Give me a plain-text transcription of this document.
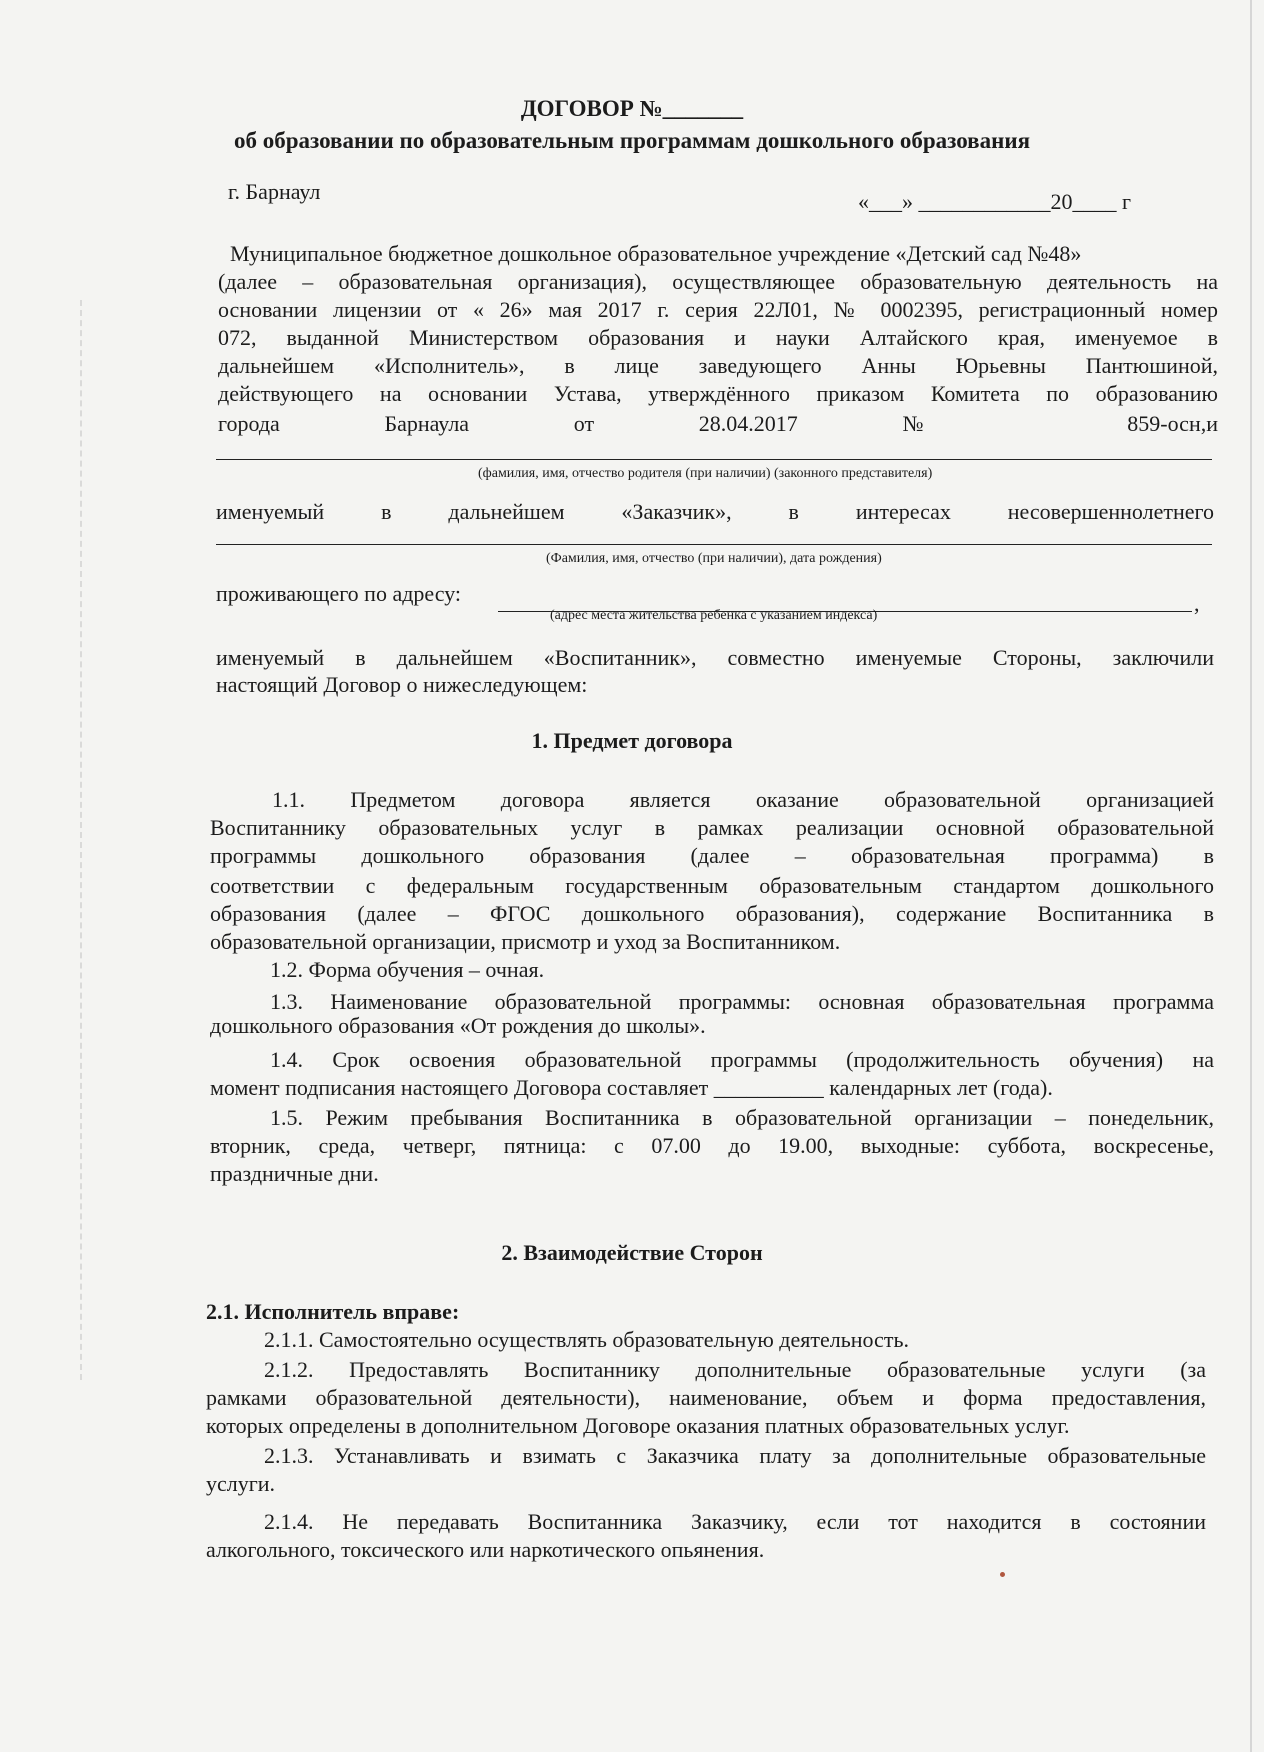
ДОГОВОР №_______
об образовании по образовательным программам дошкольного образования
г. Барнаул	«___» ____________20____ г
Муниципальное бюджетное дошкольное образовательное учреждение «Детский сад №48»
(далее – образовательная организация), осуществляющее образовательную деятельность на
основании лицензии от « 26» мая 2017 г. серия 22Л01, № 0002395, регистрационный номер
072, выданной Министерством образования и науки Алтайского края, именуемое в
дальнейшем «Исполнитель», в лице заведующего Анны Юрьевны Пантюшиной,
действующего на основании Устава, утверждённого приказом Комитета по образованию
города Барнаула от 28.04.2017 № 859-осн,и
(фамилия, имя, отчество родителя (при наличии) (законного представителя)
именуемый в дальнейшем «Заказчик», в интересах несовершеннолетнего
(Фамилия, имя, отчество (при наличии), дата рождения)
проживающего по адресу:	,
(адрес места жительства ребенка с указанием индекса)
именуемый в дальнейшем «Воспитанник», совместно именуемые Стороны, заключили
настоящий Договор о нижеследующем:
1. Предмет договора
1.1. Предметом договора является оказание образовательной организацией
Воспитаннику образовательных услуг в рамках реализации основной образовательной
программы дошкольного образования (далее – образовательная программа) в
соответствии с федеральным государственным образовательным стандартом дошкольного
образования (далее – ФГОС дошкольного образования), содержание Воспитанника в
образовательной организации, присмотр и уход за Воспитанником.
1.2. Форма обучения – очная.
1.3. Наименование образовательной программы: основная образовательная программа
дошкольного образования «От рождения до школы».
1.4. Срок освоения образовательной программы (продолжительность обучения) на
момент подписания настоящего Договора составляет __________ календарных лет (года).
1.5. Режим пребывания Воспитанника в образовательной организации – понедельник,
вторник, среда, четверг, пятница: с 07.00 до 19.00, выходные: суббота, воскресенье,
праздничные дни.
2. Взаимодействие Сторон
2.1. Исполнитель вправе:
2.1.1. Самостоятельно осуществлять образовательную деятельность.
2.1.2. Предоставлять Воспитаннику дополнительные образовательные услуги (за
рамками образовательной деятельности), наименование, объем и форма предоставления,
которых определены в дополнительном Договоре оказания платных образовательных услуг.
2.1.3. Устанавливать и взимать с Заказчика плату за дополнительные образовательные
услуги.
2.1.4. Не передавать Воспитанника Заказчику, если тот находится в состоянии
алкогольного, токсического или наркотического опьянения.
